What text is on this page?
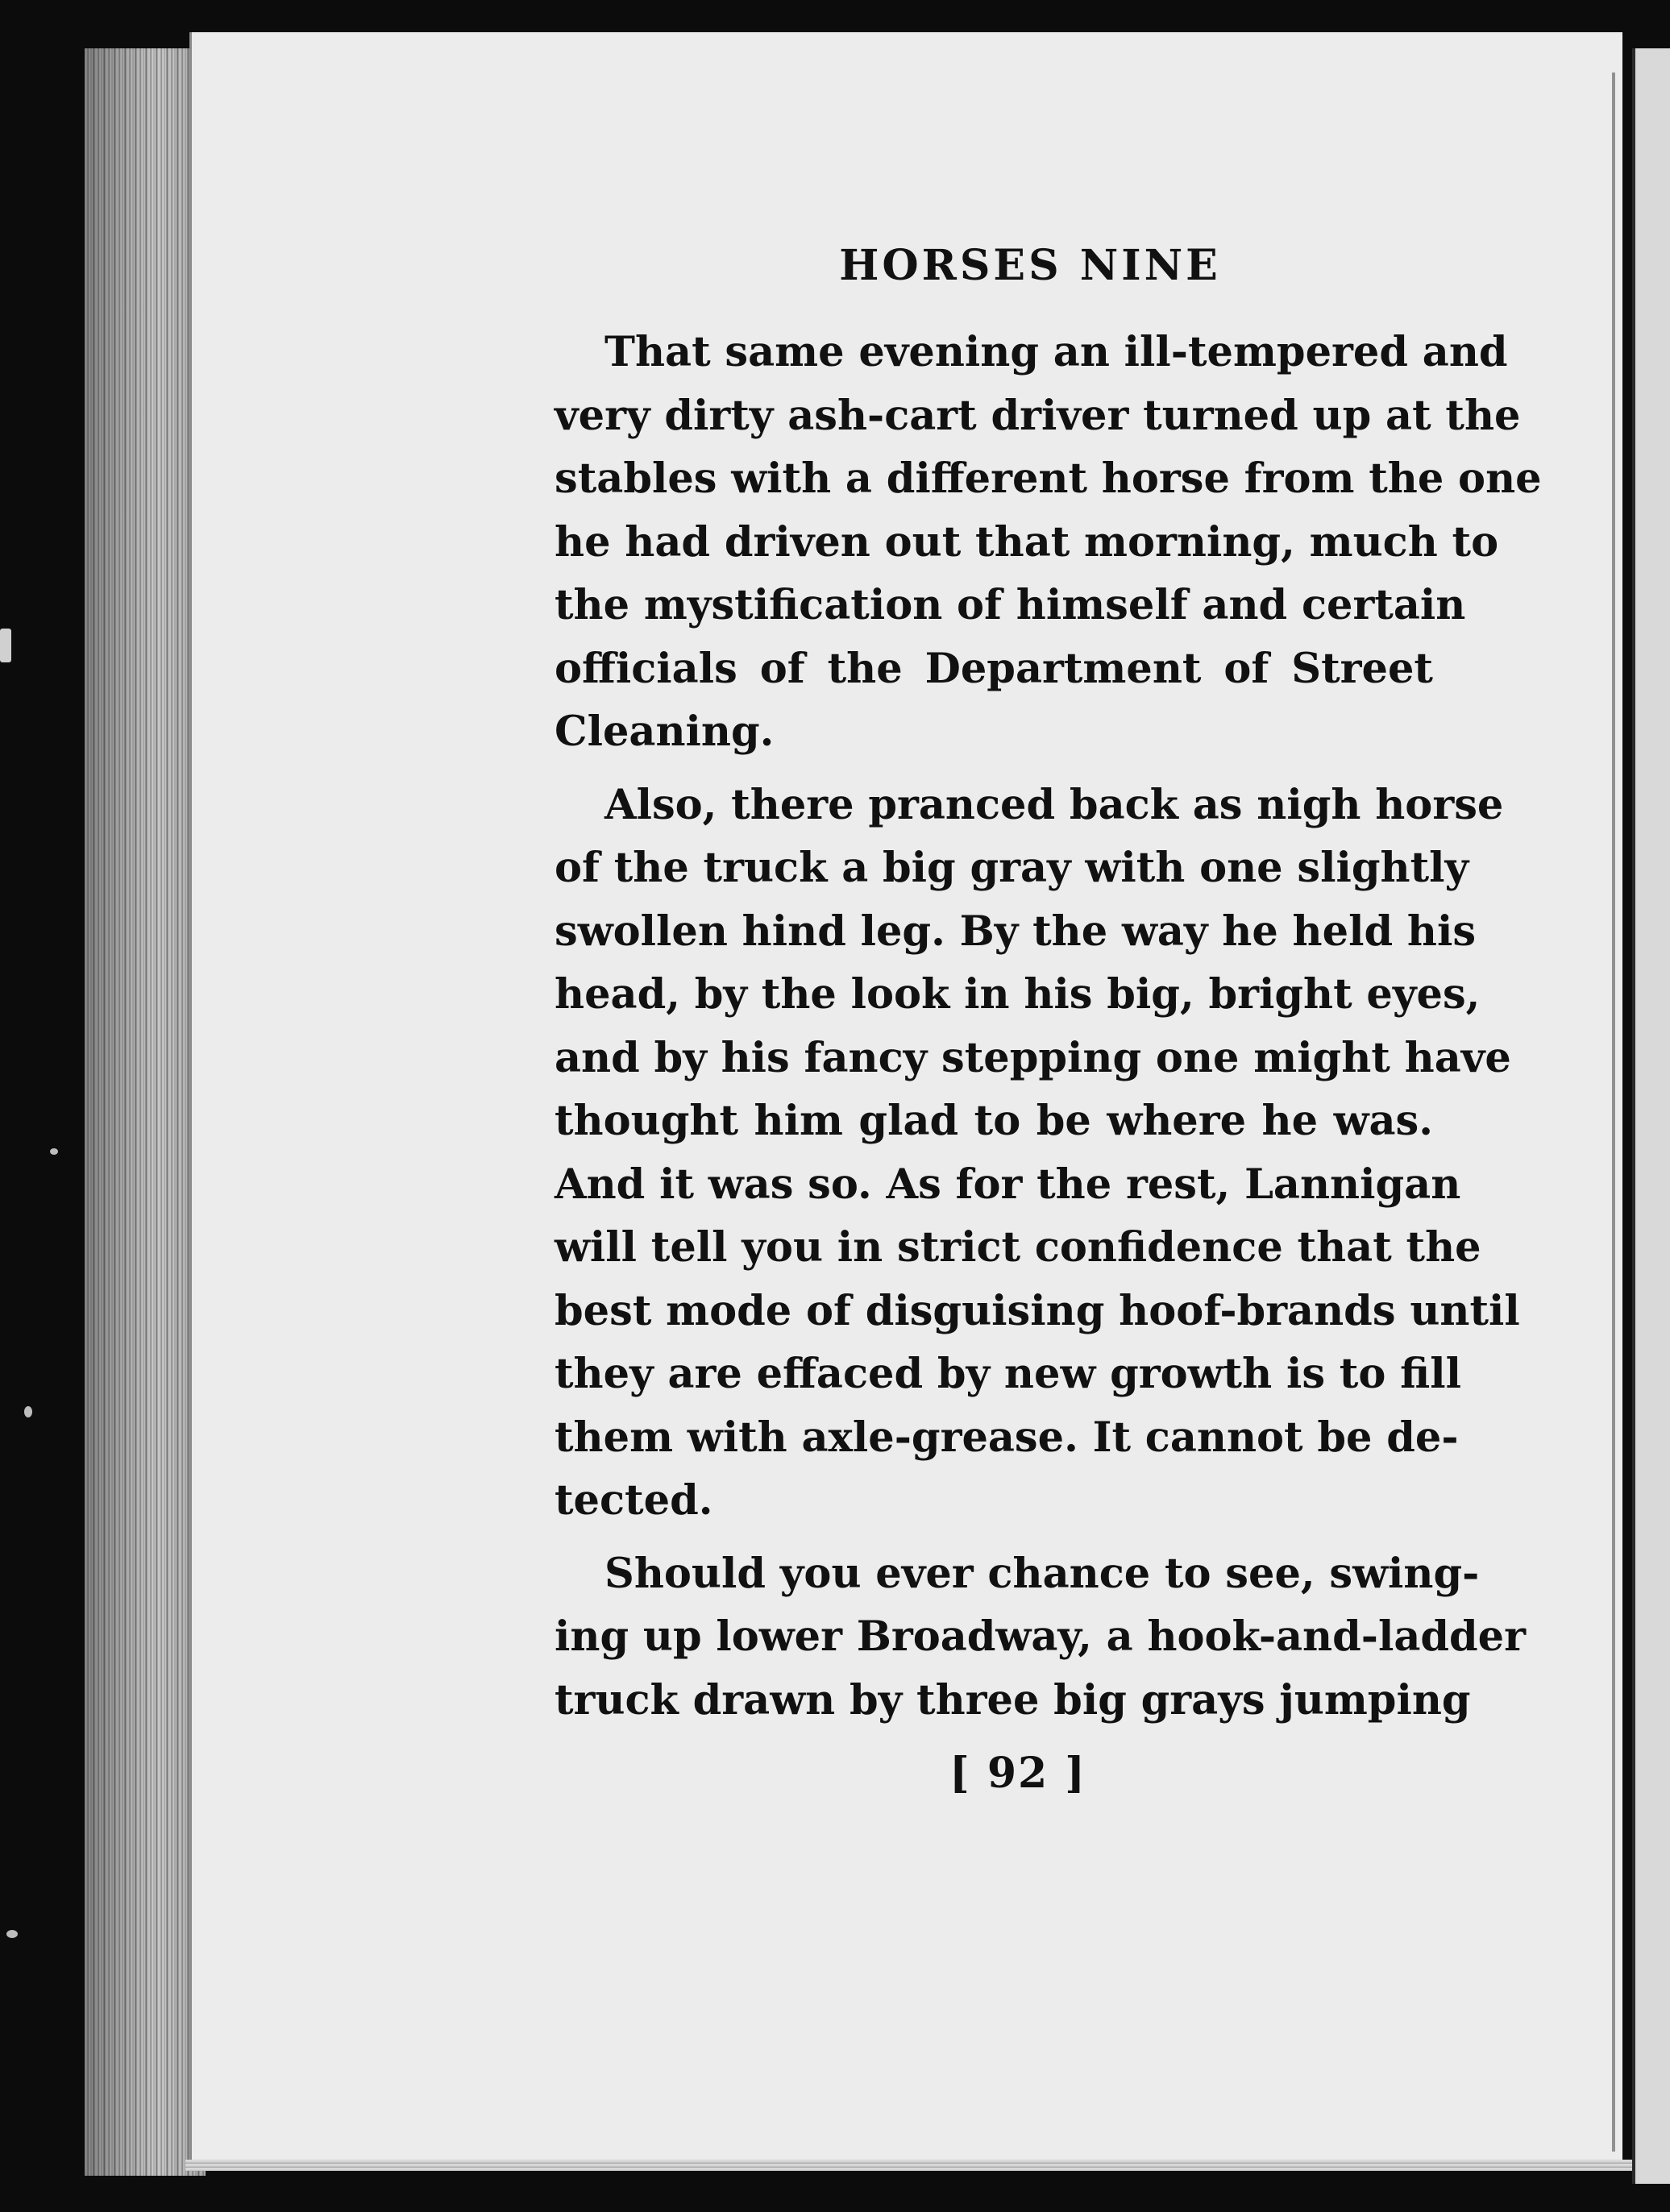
HORSES NINE
That same evening an ill-tempered and
very dirty ash-cart driver turned up at the
stables with a different horse from the one
he had driven out that morning, much to
the mystification of himself and certain
officials of the Department of Street
Cleaning.
Also, there pranced back as nigh horse
of the truck a big gray with one slightly
swollen hind leg. By the way he held his
head, by the look in his big, bright eyes,
and by his fancy stepping one might have
thought him glad to be where he was.
And it was so. As for the rest, Lannigan
will tell you in strict confidence that the
best mode of disguising hoof-brands until
they are effaced by new growth is to fill
them with axle-grease. It cannot be de-
tected.
Should you ever chance to see, swing-
ing up lower Broadway, a hook-and-ladder
truck drawn by three big grays jumping
[ 92 ]
